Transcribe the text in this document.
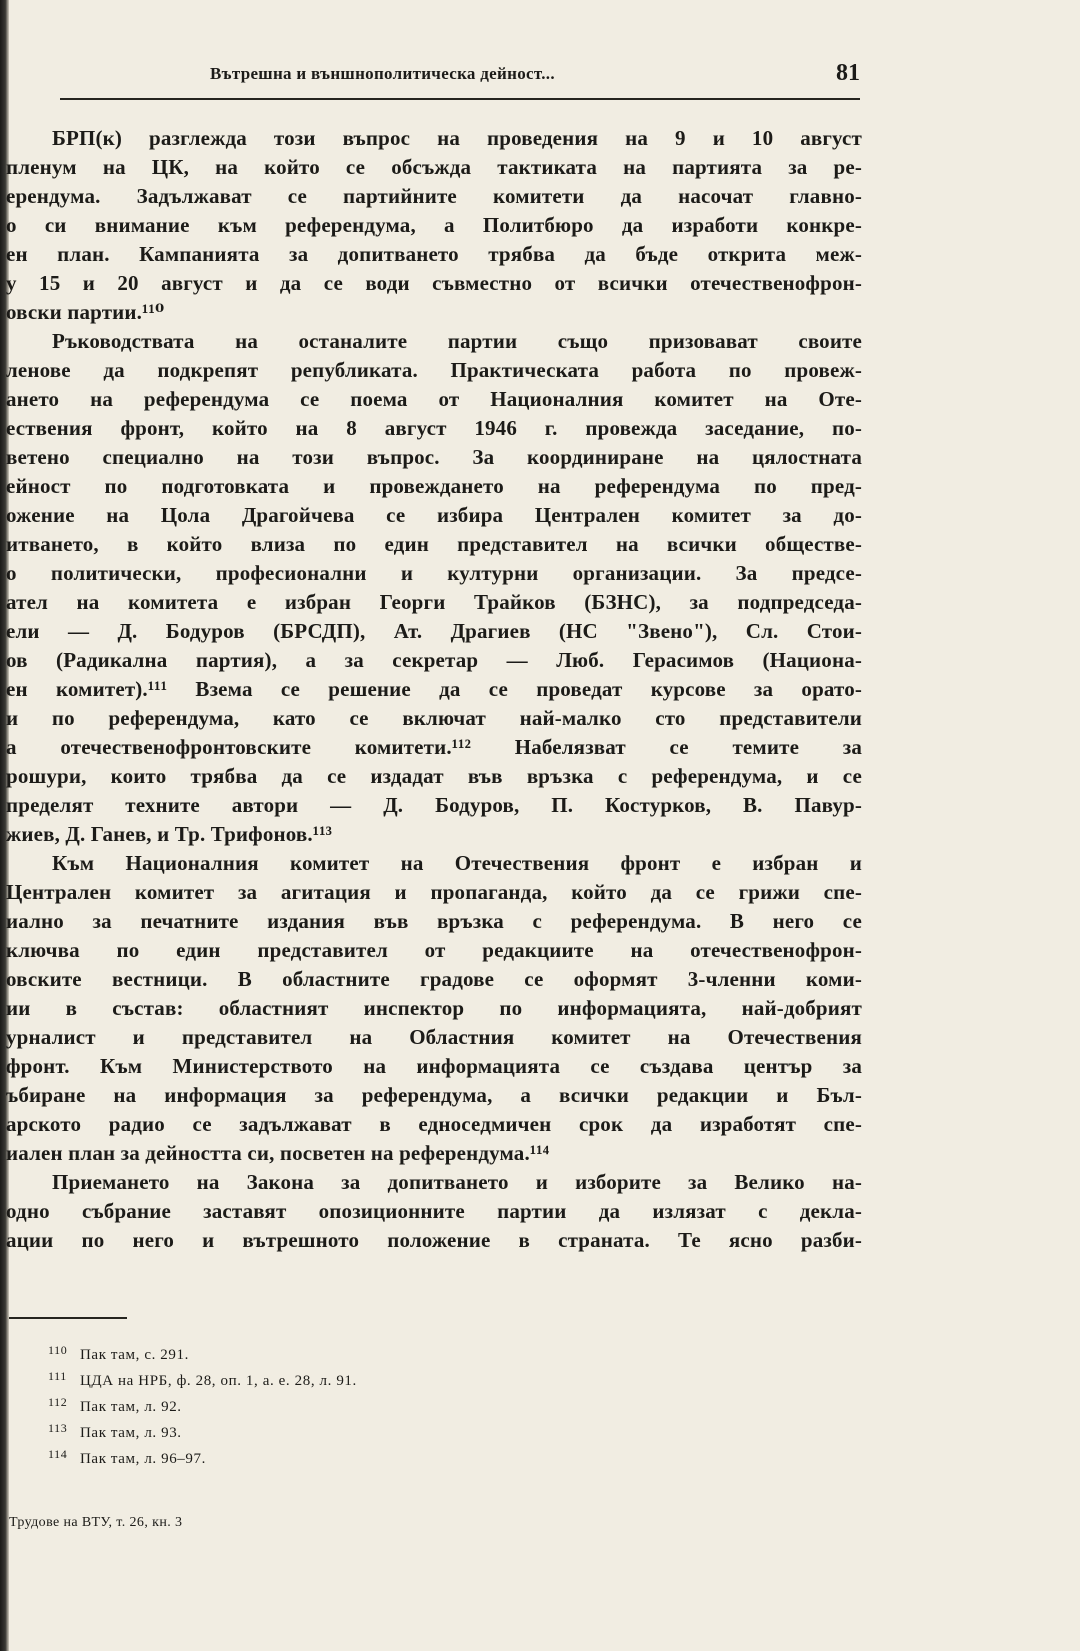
Вътрешна и външнополитическа дейност...	81
БРП(к) разглежда този въпрос на проведения на 9 и 10 август
пленум на ЦК, на който се обсъжда тактиката на партията за ре-
ерендума. Задължават се партийните комитети да насочат главно-
о си внимание към референдума, а Политбюро да изработи конкре-
ен план. Кампанията за допитването трябва да бъде открита меж-
у 15 и 20 август и да се води съвместно от всички отечественофрон-
овски партии.¹¹⁰
Ръководствата на останалите партии също призовават своите
ленове да подкрепят републиката. Практическата работа по провеж-
ането на референдума се поема от Националния комитет на Оте-
ествения фронт, който на 8 август 1946 г. провежда заседание, по-
ветено специално на този въпрос. За координиране на цялостната
ейност по подготовката и провеждането на референдума по пред-
ожение на Цола Драгойчева се избира Централен комитет за до-
итването, в който влиза по един представител на всички обществе-
о политически, професионални и културни организации. За предсе-
ател на комитета е избран Георги Трайков (БЗНС), за подпредседа-
ели — Д. Бодуров (БРСДП), Ат. Драгиев (НС "Звено"), Сл. Стои-
ов (Радикална партия), а за секретар — Люб. Герасимов (Национа-
ен комитет).¹¹¹ Взема се решение да се проведат курсове за орато-
и по референдума, като се включат най-малко сто представители
а отечественофронтовските комитети.¹¹² Набелязват се темите за
рошури, които трябва да се издадат във връзка с референдума, и се
пределят техните автори — Д. Бодуров, П. Костурков, В. Павур-
жиев, Д. Ганев, и Тр. Трифонов.¹¹³
Към Националния комитет на Отечествения фронт е избран и
Централен комитет за агитация и пропаганда, който да се грижи спе-
иално за печатните издания във връзка с референдума. В него се
ключва по един представител от редакциите на отечественофрон-
овските вестници. В областните градове се оформят 3-членни коми-
ии в състав: областният инспектор по информацията, най-добрият
урналист и представител на Областния комитет на Отечествения
фронт. Към Министерството на информацията се създава център за
ъбиране на информация за референдума, а всички редакции и Бъл-
арското радио се задължават в едноседмичен срок да изработят спе-
иален план за дейността си, посветен на референдума.¹¹⁴
Приемането на Закона за допитването и изборите за Велико на-
одно събрание заставят опозиционните партии да излязат с декла-
ации по него и вътрешното положение в страната. Те ясно разби-
110 Пак там, с. 291.
111 ЦДА на НРБ, ф. 28, оп. 1, а. е. 28, л. 91.
112 Пак там, л. 92.
113 Пак там, л. 93.
114 Пак там, л. 96–97.
Трудове на ВТУ, т. 26, кн. 3
